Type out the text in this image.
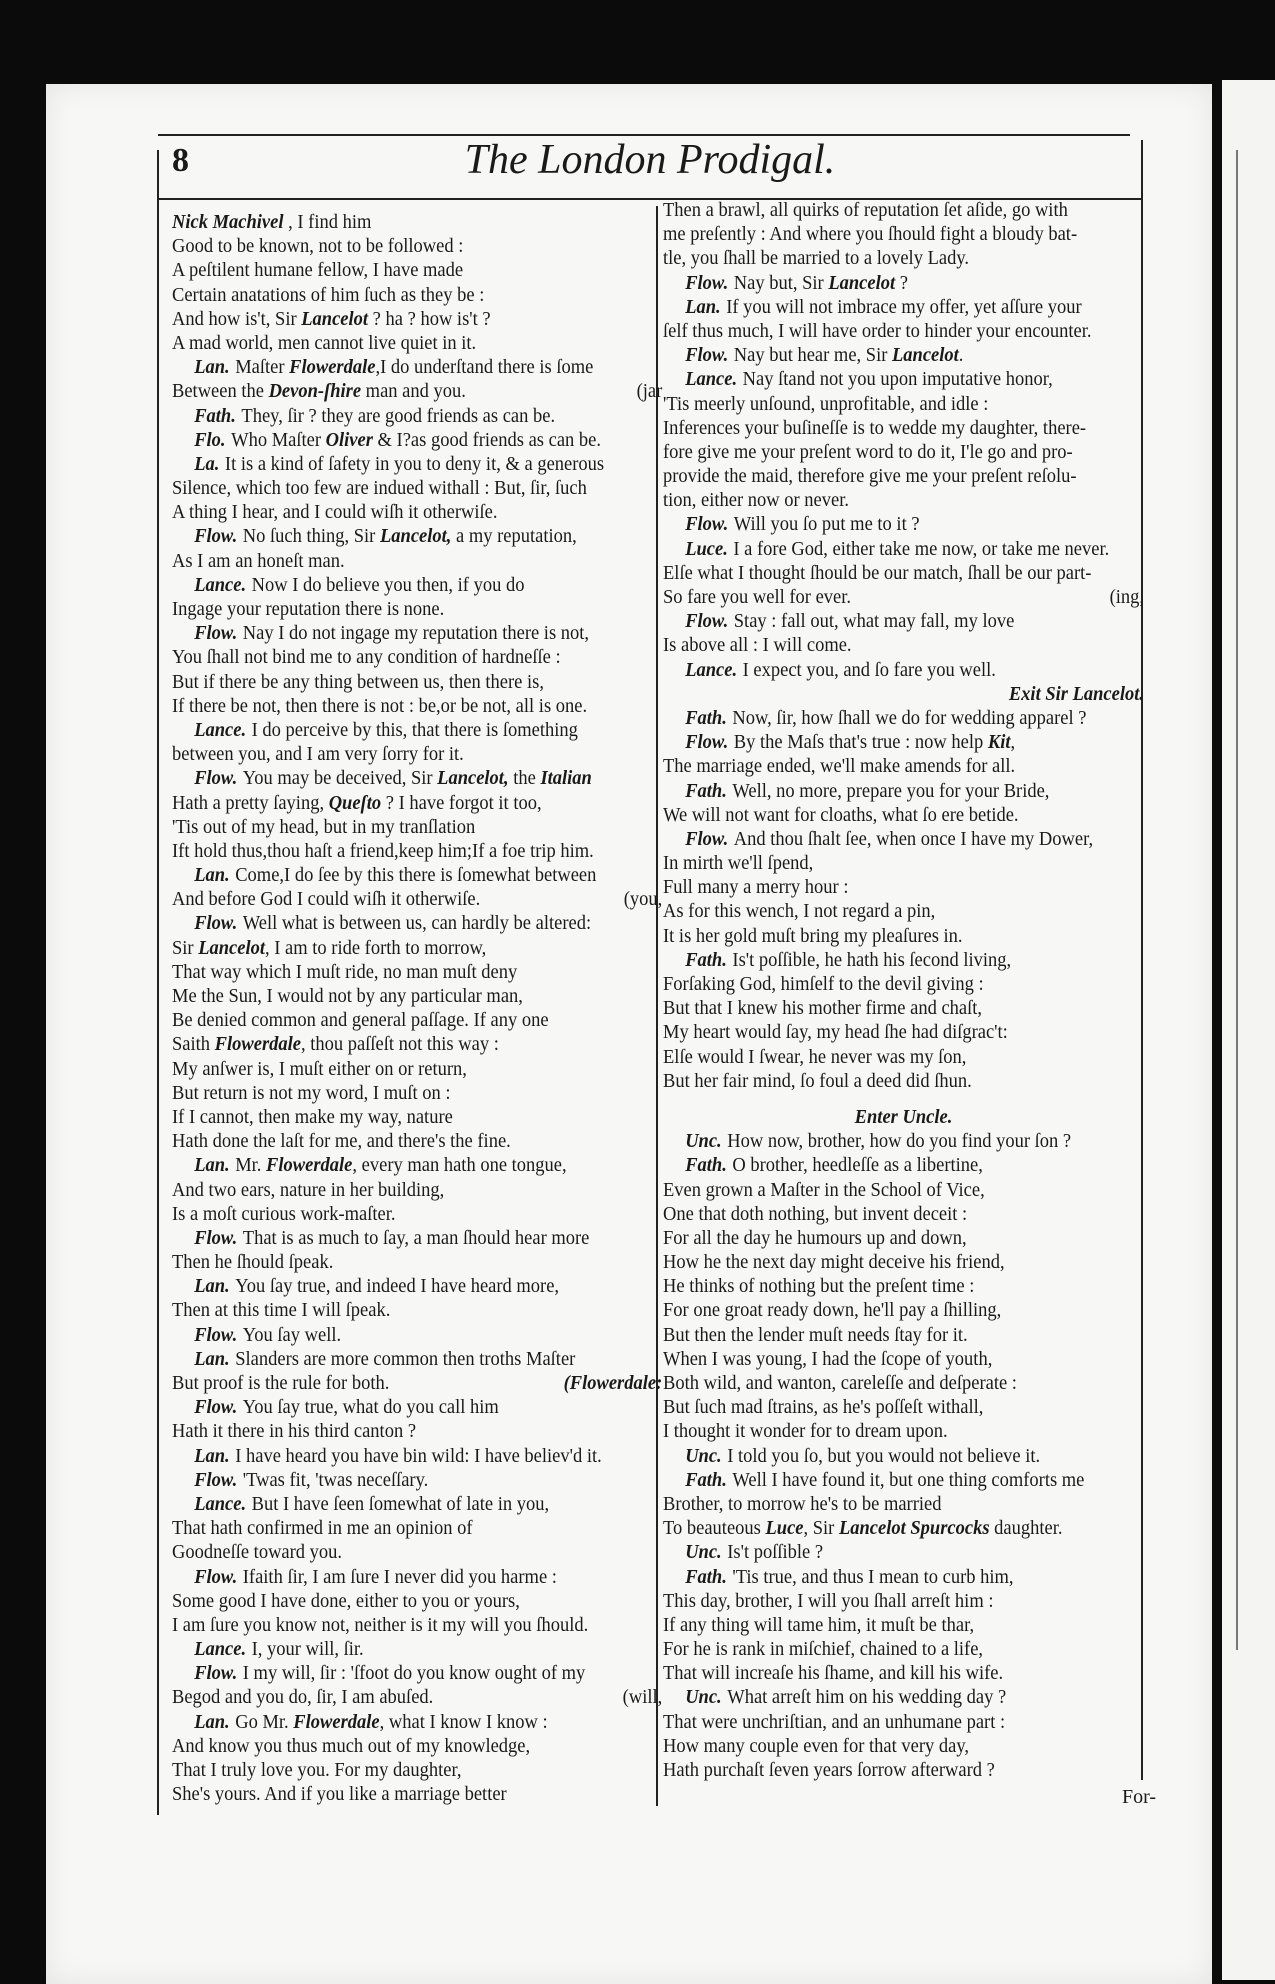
8	The London Prodigal.
Nick Machivel , I find him
Good to be known, not to be followed :
A peſtilent humane fellow, I have made
Certain anatations of him ſuch as they be :
And how is't, Sir Lancelot ? ha ? how is't ?
A mad world, men cannot live quiet in it.
Lan. Maſter Flowerdale,I do underſtand there is ſome
Between the Devon-ſhire man and you.	(jar
Fath. They, ſir ? they are good friends as can be.
Flo. Who Maſter Oliver & I?as good friends as can be.
La. It is a kind of ſafety in you to deny it, & a generous
Silence, which too few are indued withall : But, ſir, ſuch
A thing I hear, and I could wiſh it otherwiſe.
Flow. No ſuch thing, Sir Lancelot, a my reputation,
As I am an honeſt man.
Lance. Now I do believe you then, if you do
Ingage your reputation there is none.
Flow. Nay I do not ingage my reputation there is not,
You ſhall not bind me to any condition of hardneſſe :
But if there be any thing between us, then there is,
If there be not, then there is not : be,or be not, all is one.
Lance. I do perceive by this, that there is ſomething
between you, and I am very ſorry for it.
Flow. You may be deceived, Sir Lancelot, the Italian
Hath a pretty ſaying, Queſto ? I have forgot it too,
'Tis out of my head, but in my tranſlation
Ift hold thus,thou haſt a friend,keep him;If a foe trip him.
Lan. Come,I do ſee by this there is ſomewhat between
And before God I could wiſh it otherwiſe.	(you,
Flow. Well what is between us, can hardly be altered:
Sir Lancelot, I am to ride forth to morrow,
That way which I muſt ride, no man muſt deny
Me the Sun, I would not by any particular man,
Be denied common and general paſſage. If any one
Saith Flowerdale, thou paſſeſt not this way :
My anſwer is, I muſt either on or return,
But return is not my word, I muſt on :
If I cannot, then make my way, nature
Hath done the laſt for me, and there's the fine.
Lan. Mr. Flowerdale, every man hath one tongue,
And two ears, nature in her building,
Is a moſt curious work-maſter.
Flow. That is as much to ſay, a man ſhould hear more
Then he ſhould ſpeak.
Lan. You ſay true, and indeed I have heard more,
Then at this time I will ſpeak.
Flow. You ſay well.
Lan. Slanders are more common then troths Maſter
But proof is the rule for both.	(Flowerdale:
Flow. You ſay true, what do you call him
Hath it there in his third canton ?
Lan. I have heard you have bin wild: I have believ'd it.
Flow. 'Twas fit, 'twas neceſſary.
Lance. But I have ſeen ſomewhat of late in you,
That hath confirmed in me an opinion of
Goodneſſe toward you.
Flow. Ifaith ſir, I am ſure I never did you harme :
Some good I have done, either to you or yours,
I am ſure you know not, neither is it my will you ſhould.
Lance. I, your will, ſir.
Flow. I my will, ſir : 'ſfoot do you know ought of my
Begod and you do, ſir, I am abuſed.	(will,
Lan. Go Mr. Flowerdale, what I know I know :
And know you thus much out of my knowledge,
That I truly love you. For my daughter,
She's yours. And if you like a marriage better
Then a brawl, all quirks of reputation ſet aſide, go with
me preſently : And where you ſhould fight a bloudy bat-
tle, you ſhall be married to a lovely Lady.
Flow. Nay but, Sir Lancelot ?
Lan. If you will not imbrace my offer, yet aſſure your
ſelf thus much, I will have order to hinder your encounter.
Flow. Nay but hear me, Sir Lancelot.
Lance. Nay ſtand not you upon imputative honor,
'Tis meerly unſound, unprofitable, and idle :
Inferences your buſineſſe is to wedde my daughter, there-
fore give me your preſent word to do it, I'le go and pro-
provide the maid, therefore give me your preſent reſolu-
tion, either now or never.
Flow. Will you ſo put me to it ?
Luce. I a fore God, either take me now, or take me never.
Elſe what I thought ſhould be our match, ſhall be our part-
So fare you well for ever.	(ing,
Flow. Stay : fall out, what may fall, my love
Is above all : I will come.
Lance. I expect you, and ſo fare you well.
Exit Sir Lancelot.
Fath. Now, ſir, how ſhall we do for wedding apparel ?
Flow. By the Maſs that's true : now help Kit,
The marriage ended, we'll make amends for all.
Fath. Well, no more, prepare you for your Bride,
We will not want for cloaths, what ſo ere betide.
Flow. And thou ſhalt ſee, when once I have my Dower,
In mirth we'll ſpend,
Full many a merry hour :
As for this wench, I not regard a pin,
It is her gold muſt bring my pleaſures in.
Fath. Is't poſſible, he hath his ſecond living,
Forſaking God, himſelf to the devil giving :
But that I knew his mother firme and chaſt,
My heart would ſay, my head ſhe had diſgrac't:
Elſe would I ſwear, he never was my ſon,
But her fair mind, ſo foul a deed did ſhun.
Enter Uncle.
Unc. How now, brother, how do you find your ſon ?
Fath. O brother, heedleſſe as a libertine,
Even grown a Maſter in the School of Vice,
One that doth nothing, but invent deceit :
For all the day he humours up and down,
How he the next day might deceive his friend,
He thinks of nothing but the preſent time :
For one groat ready down, he'll pay a ſhilling,
But then the lender muſt needs ſtay for it.
When I was young, I had the ſcope of youth,
Both wild, and wanton, careleſſe and deſperate :
But ſuch mad ſtrains, as he's poſſeſt withall,
I thought it wonder for to dream upon.
Unc. I told you ſo, but you would not believe it.
Fath. Well I have found it, but one thing comforts me
Brother, to morrow he's to be married
To beauteous Luce, Sir Lancelot Spurcocks daughter.
Unc. Is't poſſible ?
Fath. 'Tis true, and thus I mean to curb him,
This day, brother, I will you ſhall arreſt him :
If any thing will tame him, it muſt be thar,
For he is rank in miſchief, chained to a life,
That will increaſe his ſhame, and kill his wife.
Unc. What arreſt him on his wedding day ?
That were unchriſtian, and an unhumane part :
How many couple even for that very day,
Hath purchaſt ſeven years ſorrow afterward ?
For-
